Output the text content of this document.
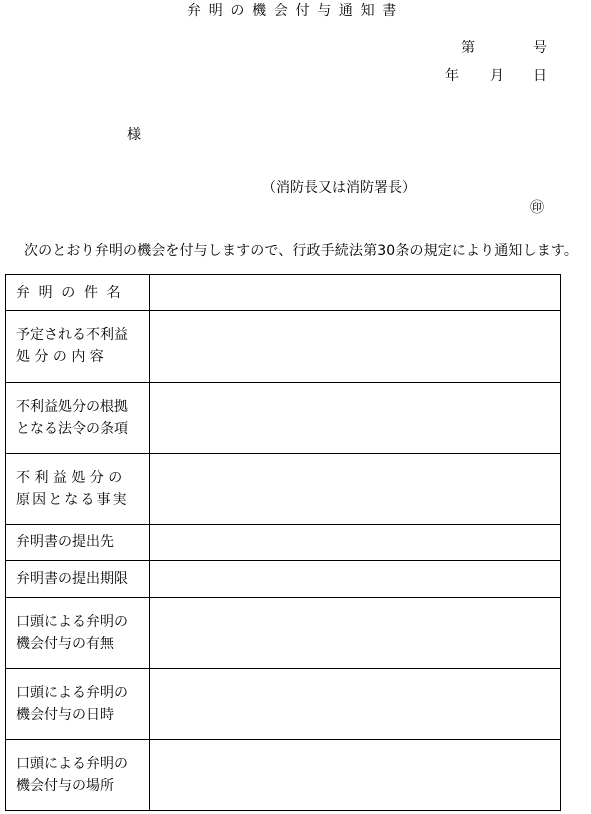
弁明の機会付与通知書
第	号
年 月 日
様
（消防長又は消防署長）
㊞
次のとおり弁明の機会を付与しますので、行政手続法第30条の規定により通知します。
弁 明 の 件 名	

予定される不利益
処 分 の 内 容	

不利益処分の根拠
となる法令の条項	

不 利 益 処 分 の
原因となる事実	

弁明書の提出先	

弁明書の提出期限	

口頭による弁明の
機会付与の有無	

口頭による弁明の
機会付与の日時	

口頭による弁明の
機会付与の場所	
